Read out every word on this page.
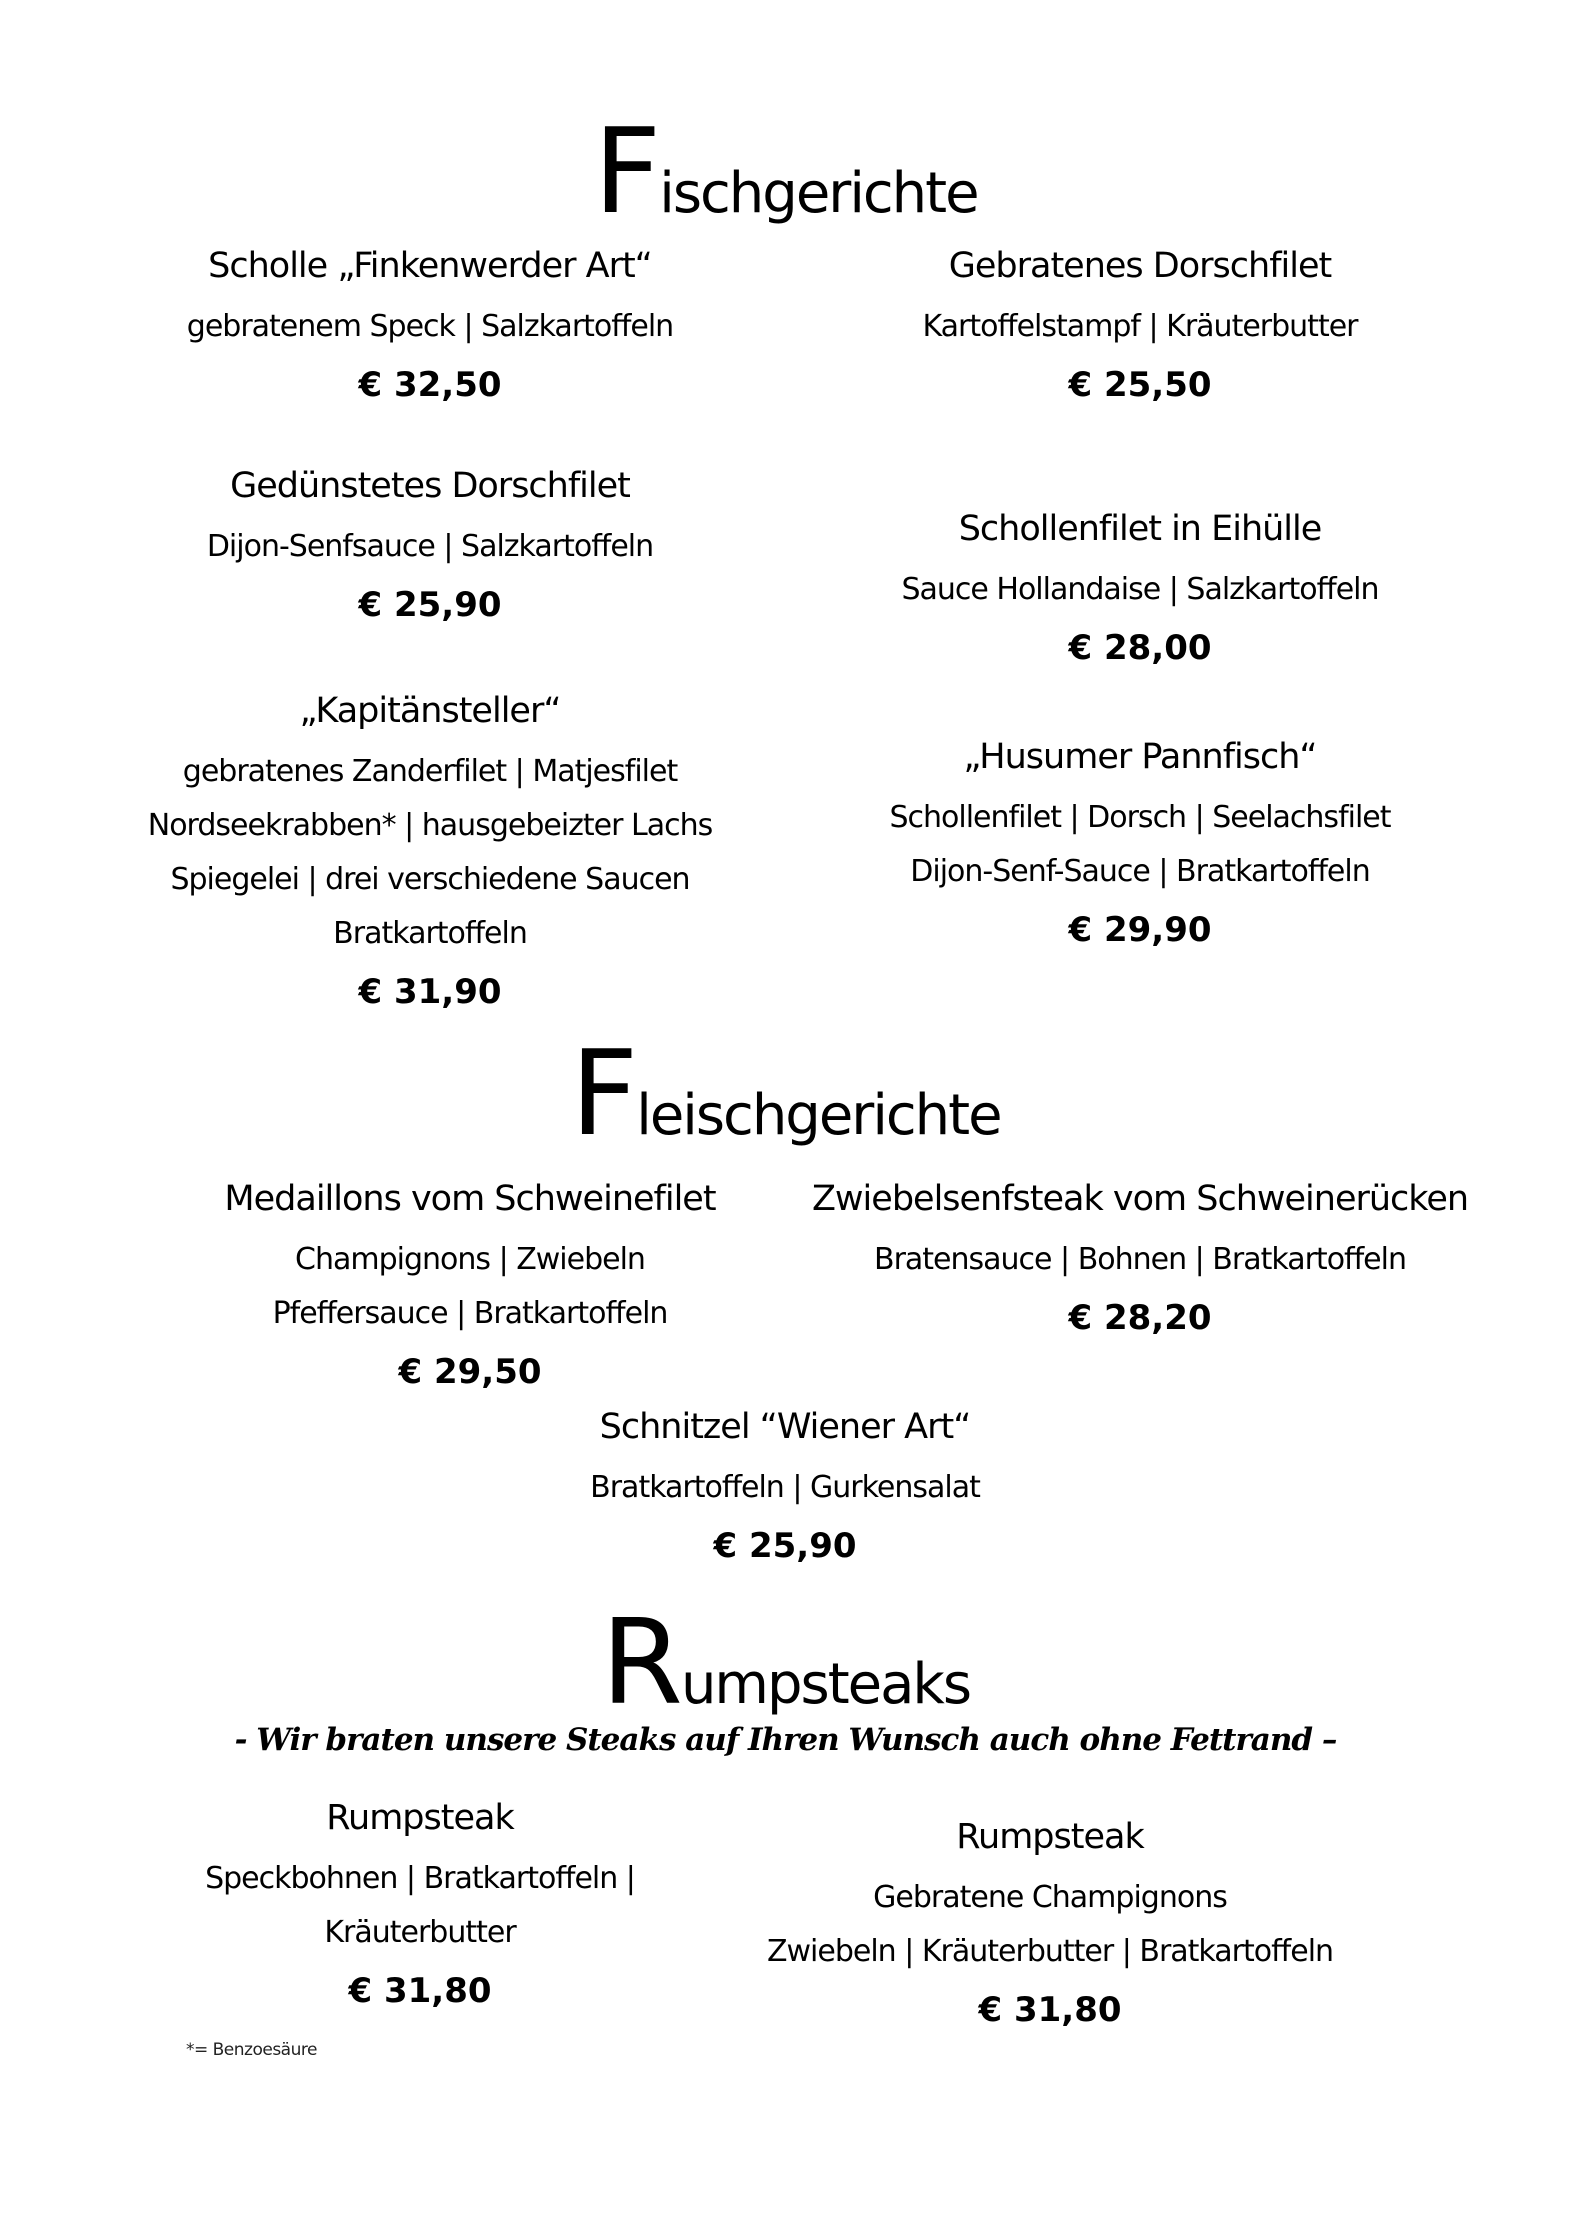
Fischgerichte
Scholle „Finkenwerder Art“
gebratenem Speck | Salzkartoffeln
€ 32,50
Gebratenes Dorschfilet
Kartoffelstampf | Kräuterbutter
€ 25,50
Gedünstetes Dorschfilet
Dijon-Senfsauce | Salzkartoffeln
€ 25,90
Schollenfilet in Eihülle
Sauce Hollandaise | Salzkartoffeln
€ 28,00
„Kapitänsteller“
gebratenes Zanderfilet | Matjesfilet
Nordseekrabben* | hausgebeizter Lachs
Spiegelei | drei verschiedene Saucen
Bratkartoffeln
€ 31,90
„Husumer Pannfisch“
Schollenfilet | Dorsch | Seelachsfilet
Dijon-Senf-Sauce | Bratkartoffeln
€ 29,90
Fleischgerichte
Medaillons vom Schweinefilet
Champignons | Zwiebeln
Pfeffersauce | Bratkartoffeln
€ 29,50
Zwiebelsenfsteak vom Schweinerücken
Bratensauce | Bohnen | Bratkartoffeln
€ 28,20
Schnitzel “Wiener Art“
Bratkartoffeln | Gurkensalat
€ 25,90
Rumpsteaks
- Wir braten unsere Steaks auf Ihren Wunsch auch ohne Fettrand –
Rumpsteak
Speckbohnen | Bratkartoffeln |
Kräuterbutter
€ 31,80
Rumpsteak
Gebratene Champignons
Zwiebeln | Kräuterbutter | Bratkartoffeln
€ 31,80
*= Benzoesäure
